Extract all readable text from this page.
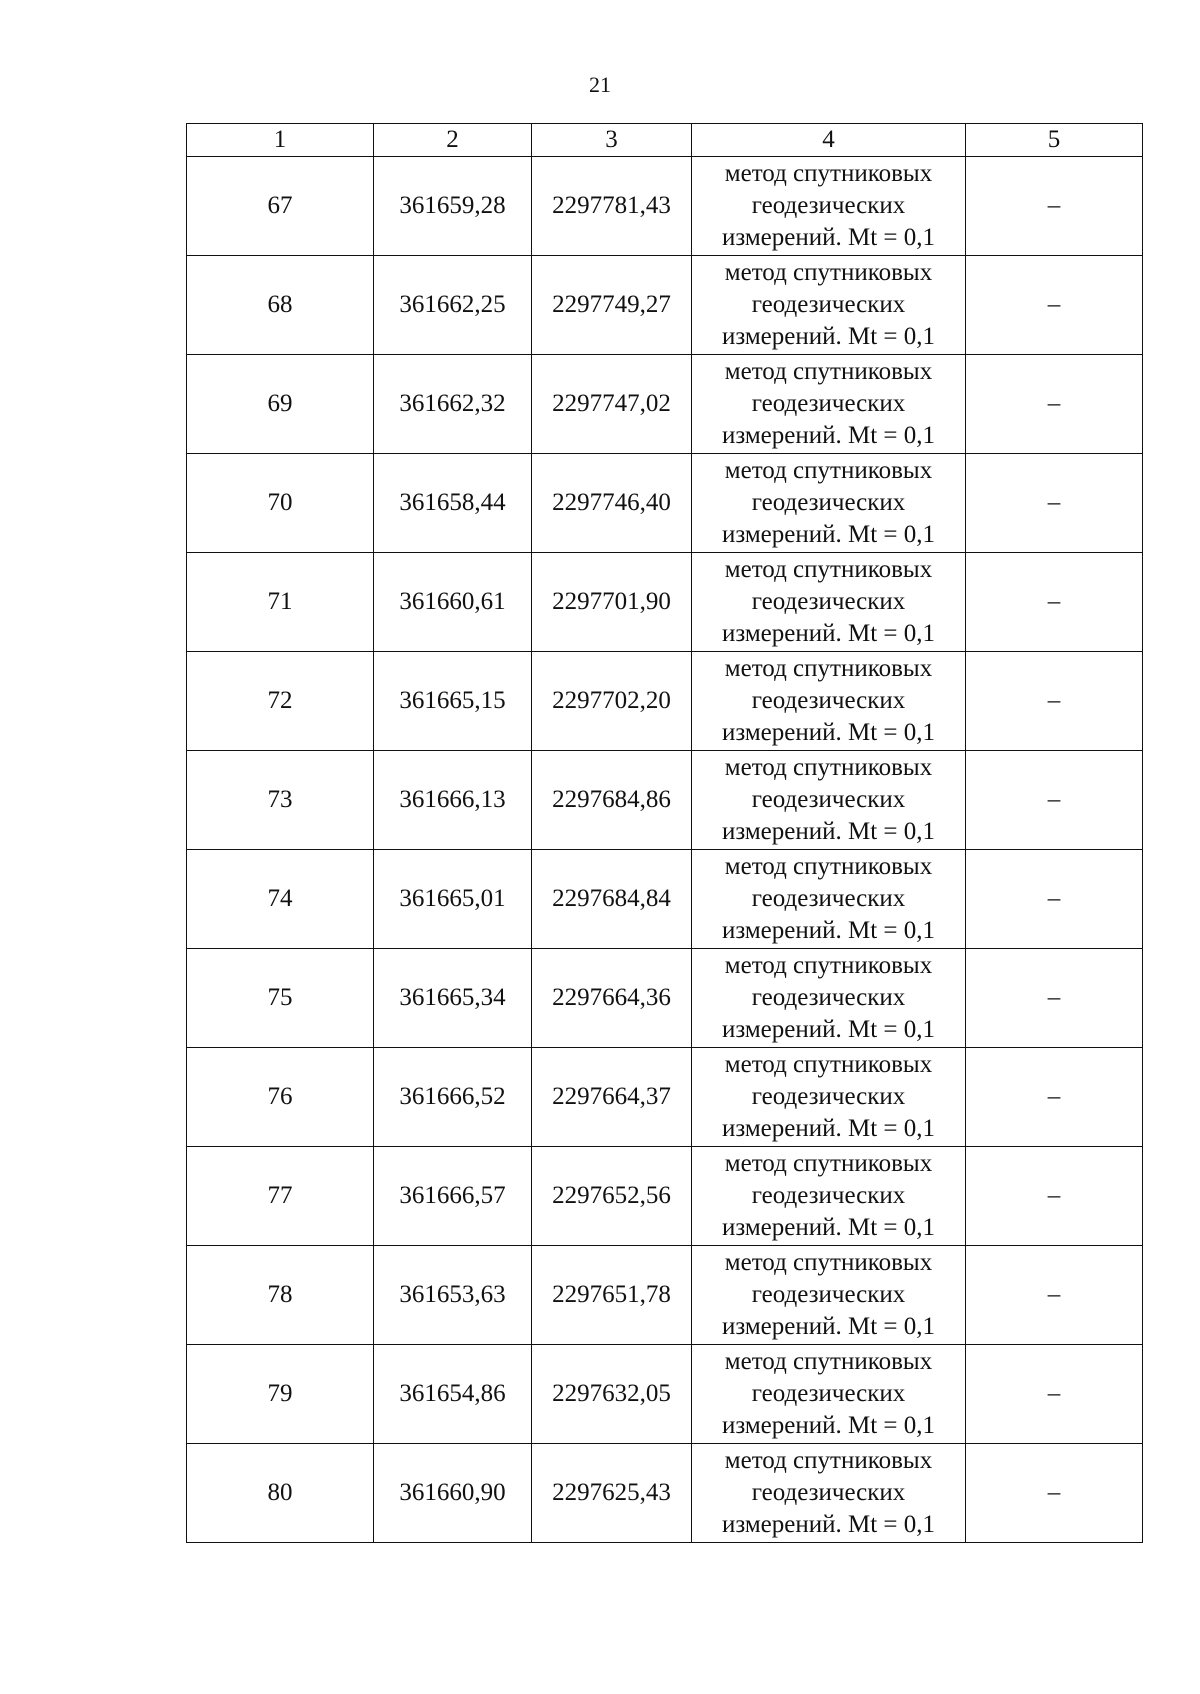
21
1	2	3	4	5
67	361659,28	2297781,43	метод спутниковых
геодезических
измерений. Mt = 0,1	–
68	361662,25	2297749,27	метод спутниковых
геодезических
измерений. Mt = 0,1	–
69	361662,32	2297747,02	метод спутниковых
геодезических
измерений. Mt = 0,1	–
70	361658,44	2297746,40	метод спутниковых
геодезических
измерений. Mt = 0,1	–
71	361660,61	2297701,90	метод спутниковых
геодезических
измерений. Mt = 0,1	–
72	361665,15	2297702,20	метод спутниковых
геодезических
измерений. Mt = 0,1	–
73	361666,13	2297684,86	метод спутниковых
геодезических
измерений. Mt = 0,1	–
74	361665,01	2297684,84	метод спутниковых
геодезических
измерений. Mt = 0,1	–
75	361665,34	2297664,36	метод спутниковых
геодезических
измерений. Mt = 0,1	–
76	361666,52	2297664,37	метод спутниковых
геодезических
измерений. Mt = 0,1	–
77	361666,57	2297652,56	метод спутниковых
геодезических
измерений. Mt = 0,1	–
78	361653,63	2297651,78	метод спутниковых
геодезических
измерений. Mt = 0,1	–
79	361654,86	2297632,05	метод спутниковых
геодезических
измерений. Mt = 0,1	–
80	361660,90	2297625,43	метод спутниковых
геодезических
измерений. Mt = 0,1	–
